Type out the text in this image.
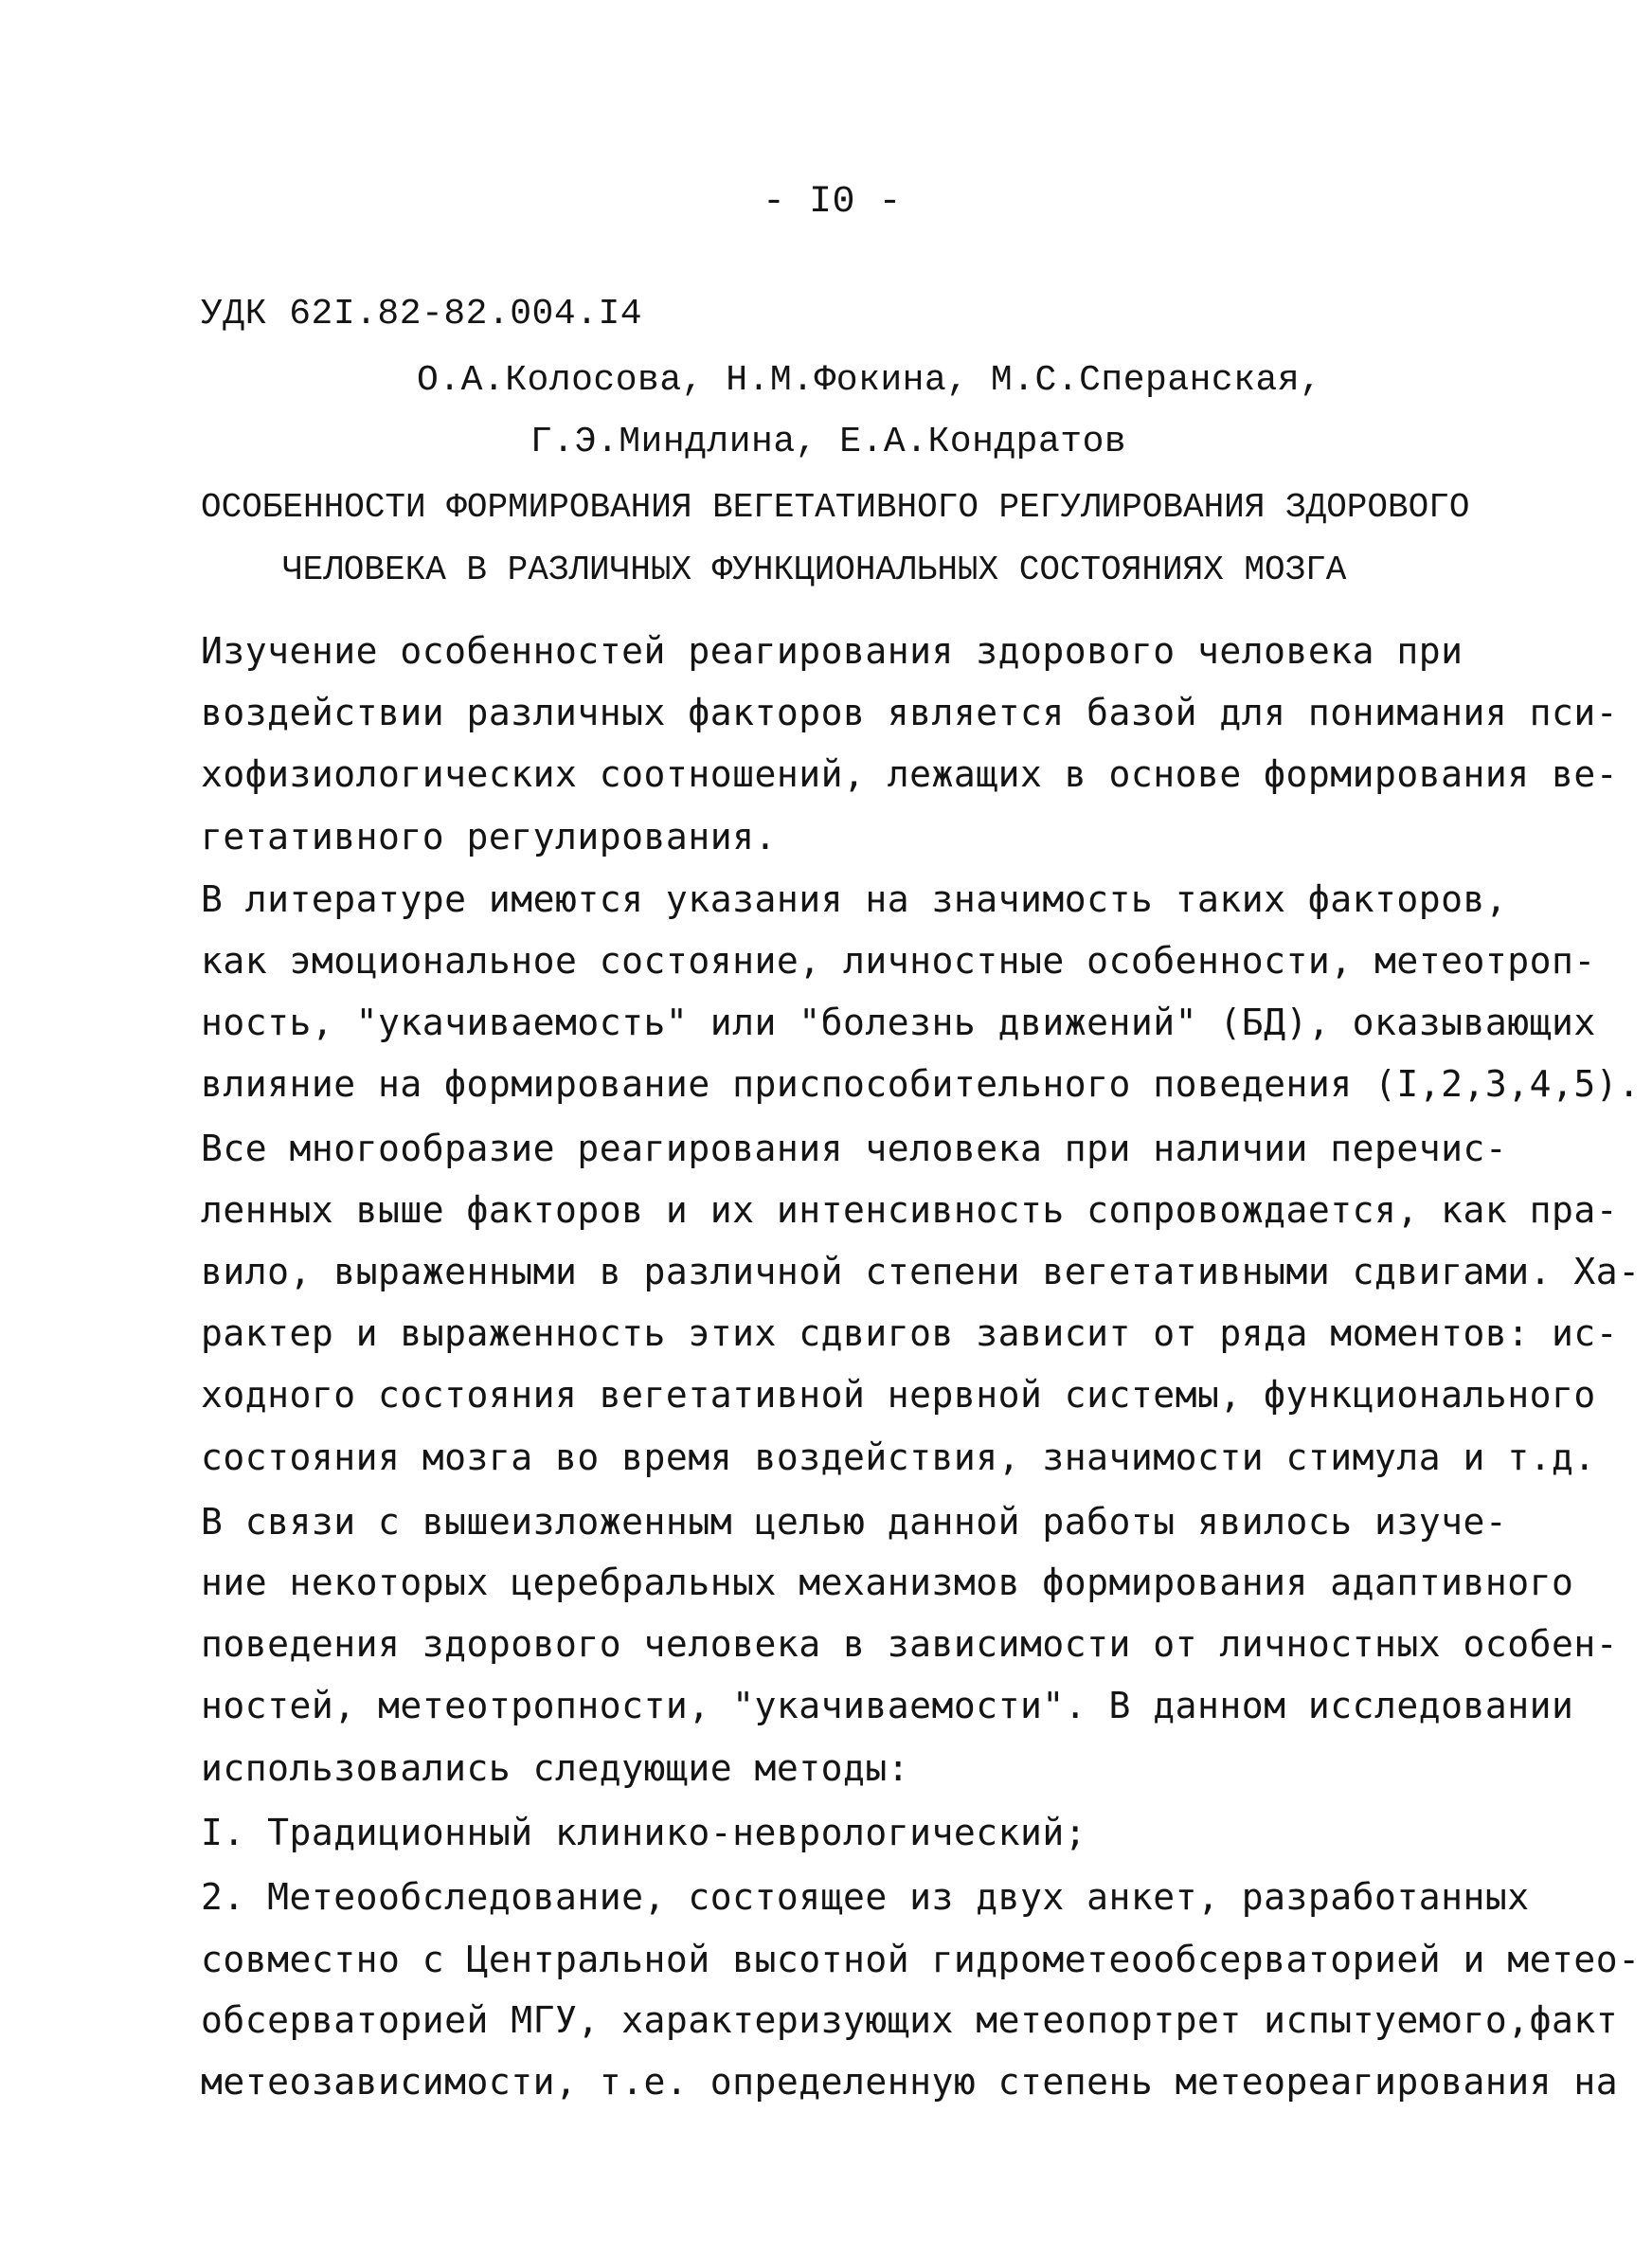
- I0 -
УДК 62I.82-82.004.I4
О.А.Колосова, Н.М.Фокина, М.С.Сперанская,
Г.Э.Миндлина, Е.А.Кондратов
ОСОБЕННОСТИ ФОРМИРОВАНИЯ ВЕГЕТАТИВНОГО РЕГУЛИРОВАНИЯ ЗДОРОВОГО
ЧЕЛОВЕКА В РАЗЛИЧНЫХ ФУНКЦИОНАЛЬНЫХ СОСТОЯНИЯХ МОЗГА
Изучение особенностей реагирования здорового человека при
воздействии различных факторов является базой для понимания пси-
хофизиологических соотношений, лежащих в основе формирования ве-
гетативного регулирования.
В литературе имеются указания на значимость таких факторов,
как эмоциональное состояние, личностные особенности, метеотроп-
ность, "укачиваемость" или "болезнь движений" (БД), оказывающих
влияние на формирование приспособительного поведения (I,2,3,4,5).
Все многообразие реагирования человека при наличии перечис-
ленных выше факторов и их интенсивность сопровождается, как пра-
вило, выраженными в различной степени вегетативными сдвигами. Ха-
рактер и выраженность этих сдвигов зависит от ряда моментов: ис-
ходного состояния вегетативной нервной системы, функционального
состояния мозга во время воздействия, значимости стимула и т.д.
В связи с вышеизложенным целью данной работы явилось изуче-
ние некоторых церебральных механизмов формирования адаптивного
поведения здорового человека в зависимости от личностных особен-
ностей, метеотропности, "укачиваемости". В данном исследовании
использовались следующие методы:
I. Традиционный клинико-неврологический;
2. Метеообследование, состоящее из двух анкет, разработанных
совместно с Центральной высотной гидрометеообсерваторией и метео-
обсерваторией МГУ, характеризующих метеопортрет испытуемого,факт
метеозависимости, т.е. определенную степень метеореагирования на
